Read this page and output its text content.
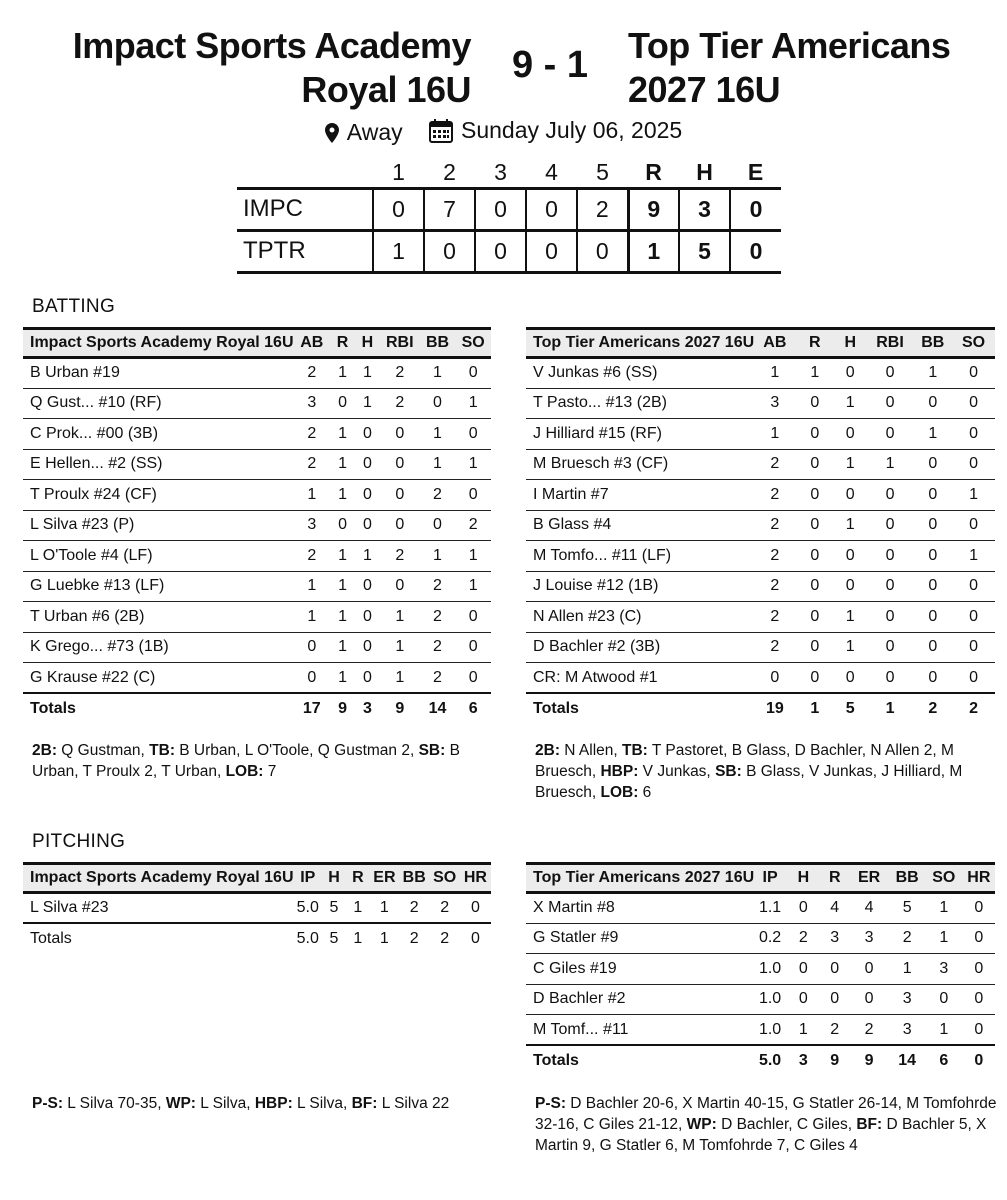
Impact Sports Academy
Royal 16U
9 - 1	Top Tier Americans
2027 16U
Away
	Sunday July 06, 2025
	1	2	3	4	5	R	H	E
IMPC	0	7	0	0	2	9	3	0
TPTR	1	0	0	0	0	1	5	0
BATTING
Impact Sports Academy Royal 16U	AB	R	H	RBI	BB	SO
B Urban #19	2	1	1	2	1	0
Q Gust... #10 (RF)	3	0	1	2	0	1
C Prok... #00 (3B)	2	1	0	0	1	0
E Hellen... #2 (SS)	2	1	0	0	1	1
T Proulx #24 (CF)	1	1	0	0	2	0
L Silva #23 (P)	3	0	0	0	0	2
L O'Toole #4 (LF)	2	1	1	2	1	1
G Luebke #13 (LF)	1	1	0	0	2	1
T Urban #6 (2B)	1	1	0	1	2	0
K Grego... #73 (1B)	0	1	0	1	2	0
G Krause #22 (C)	0	1	0	1	2	0
Totals	17	9	3	9	14	6
Top Tier Americans 2027 16U	AB	R	H	RBI	BB	SO
V Junkas #6 (SS)	1	1	0	0	1	0
T Pasto... #13 (2B)	3	0	1	0	0	0
J Hilliard #15 (RF)	1	0	0	0	1	0
M Bruesch #3 (CF)	2	0	1	1	0	0
I Martin #7	2	0	0	0	0	1
B Glass #4	2	0	1	0	0	0
M Tomfo... #11 (LF)	2	0	0	0	0	1
J Louise #12 (1B)	2	0	0	0	0	0
N Allen #23 (C)	2	0	1	0	0	0
D Bachler #2 (3B)	2	0	1	0	0	0
CR: M Atwood #1	0	0	0	0	0	0
Totals	19	1	5	1	2	2
2B: Q Gustman, TB: B Urban, L O'Toole, Q Gustman 2, SB: B Urban, T Proulx 2, T Urban, LOB: 7
2B: N Allen, TB: T Pastoret, B Glass, D Bachler, N Allen 2, M Bruesch, HBP: V Junkas, SB: B Glass, V Junkas, J Hilliard, M Bruesch, LOB: 6
PITCHING
Impact Sports Academy Royal 16U	IP	H	R	ER	BB	SO	HR
L Silva #23	5.0	5	1	1	2	2	0
Totals	5.0	5	1	1	2	2	0
Top Tier Americans 2027 16U	IP	H	R	ER	BB	SO	HR
X Martin #8	1.1	0	4	4	5	1	0
G Statler #9	0.2	2	3	3	2	1	0
C Giles #19	1.0	0	0	0	1	3	0
D Bachler #2	1.0	0	0	0	3	0	0
M Tomf... #11	1.0	1	2	2	3	1	0
Totals	5.0	3	9	9	14	6	0
P-S: L Silva 70-35, WP: L Silva, HBP: L Silva, BF: L Silva 22	P-S: D Bachler 20-6, X Martin 40-15, G Statler 26-14, M Tomfohrde 32-16, C Giles 21-12, WP: D Bachler, C Giles, BF: D Bachler 5, X Martin 9, G Statler 6, M Tomfohrde 7, C Giles 4
